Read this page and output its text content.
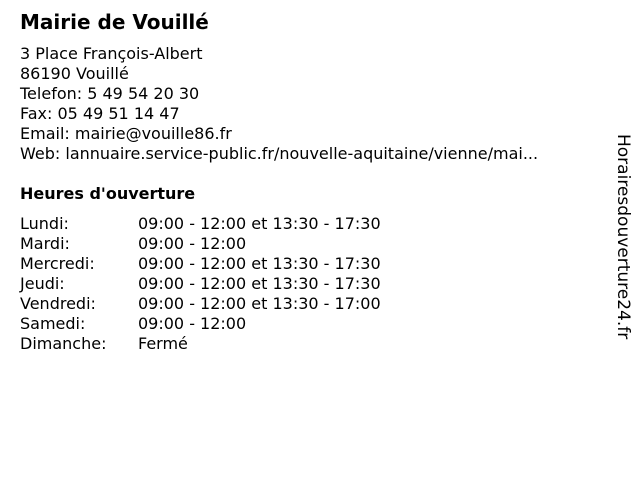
Mairie de Vouillé
3 Place François-Albert
86190 Vouillé
Telefon: 5 49 54 20 30
Fax: 05 49 51 14 47
Email: mairie@vouille86.fr
Web: lannuaire.service-public.fr/nouvelle-aquitaine/vienne/mai...
Heures d'ouverture
Lundi:	09:00 - 12:00 et 13:30 - 17:30
Mardi:	09:00 - 12:00
Mercredi:	09:00 - 12:00 et 13:30 - 17:30
Jeudi:	09:00 - 12:00 et 13:30 - 17:30
Vendredi:	09:00 - 12:00 et 13:30 - 17:00
Samedi:	09:00 - 12:00
Dimanche: Fermé
Horairesdouverture24.fr
